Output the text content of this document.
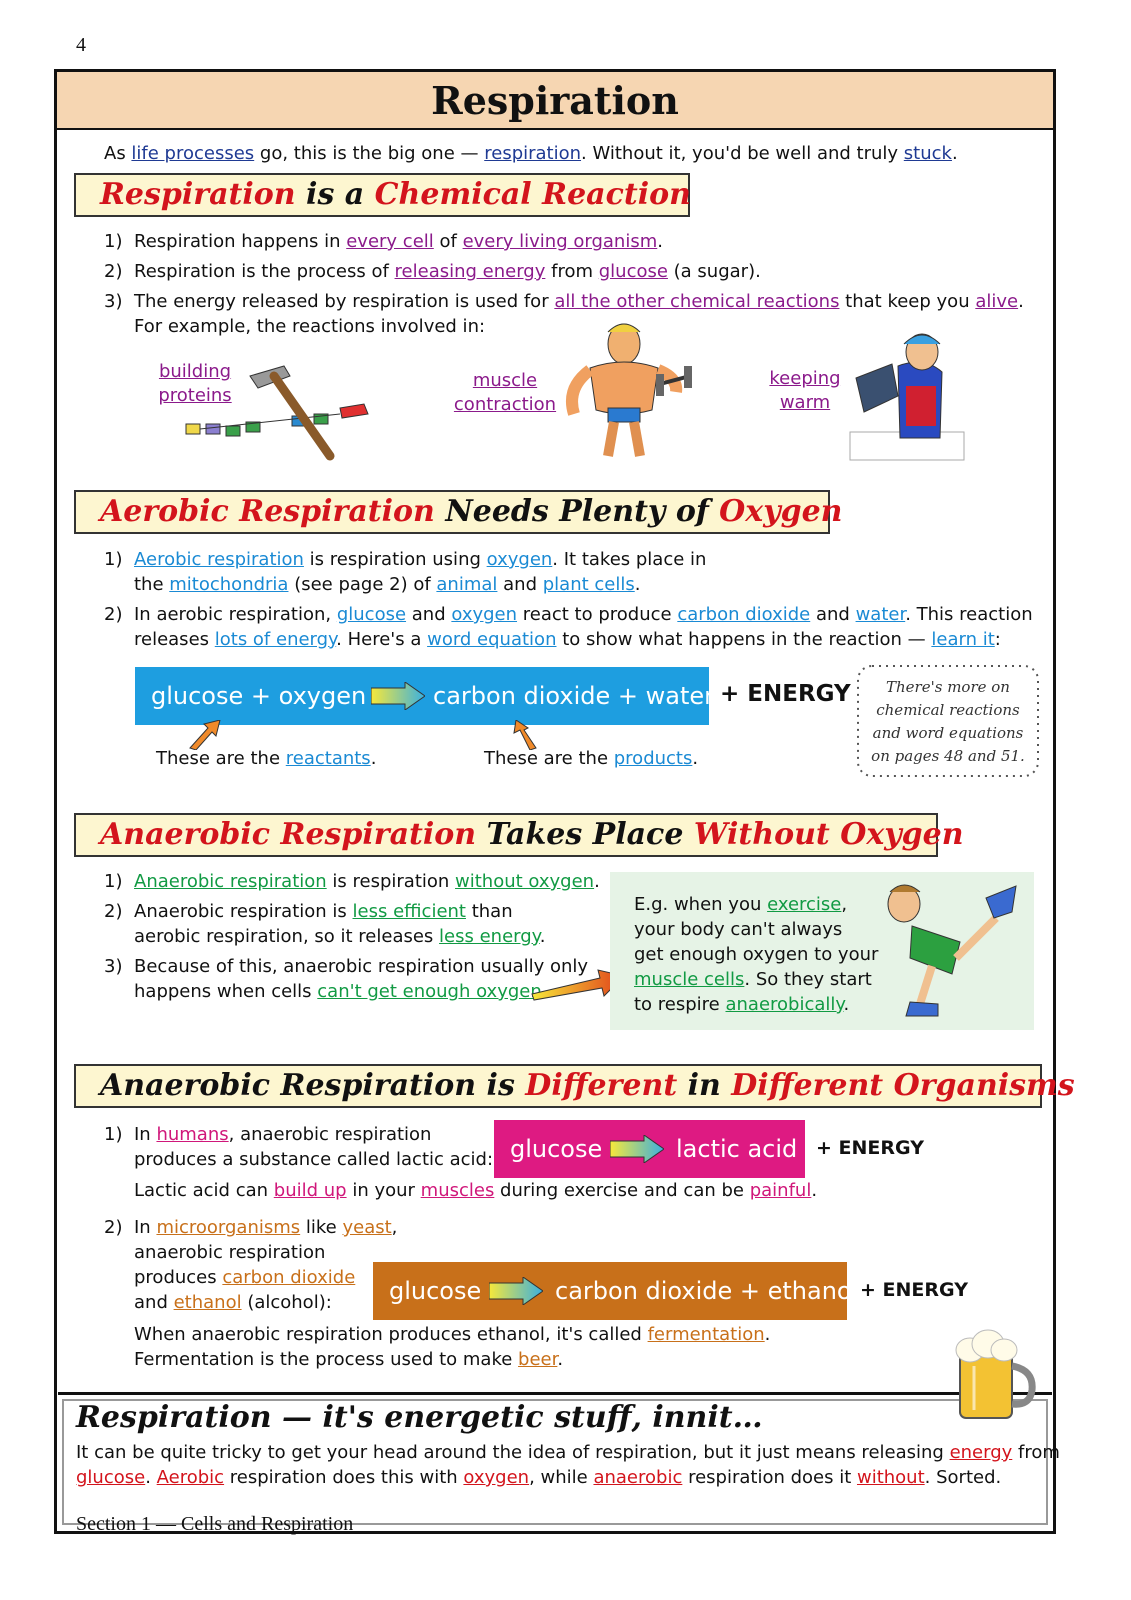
4
Respiration
As life processes go, this is the big one — respiration. Without it, you'd be well and truly stuck.
Respiration is a Chemical Reaction
1) Respiration happens in every cell of every living organism.
2) Respiration is the process of releasing energy from glucose (a sugar).
3) The energy released by respiration is used for all the other chemical reactions that keep you alive.
For example, the reactions involved in:
building
proteins
muscle
contraction
keeping
warm
Aerobic Respiration Needs Plenty of Oxygen
1) Aerobic respiration is respiration using oxygen. It takes place in
the mitochondria (see page 2) of animal and plant cells.
2) In aerobic respiration, glucose and oxygen react to produce carbon dioxide and water. This reaction
releases lots of energy. Here's a word equation to show what happens in the reaction — learn it:
glucose + oxygen	carbon dioxide + water + ENERGY
These are the reactants.	These are the products.
There's more on
chemical reactions
and word equations
on pages 48 and 51.
Anaerobic Respiration Takes Place Without Oxygen
1) Anaerobic respiration is respiration without oxygen.
2) Anaerobic respiration is less efficient than
aerobic respiration, so it releases less energy.
3) Because of this, anaerobic respiration usually only
happens when cells can't get enough oxygen
E.g. when you exercise,
your body can't always
get enough oxygen to your
muscle cells. So they start
to respire anaerobically.
Anaerobic Respiration is Different in Different Organisms
1) In humans, anaerobic respiration
produces a substance called lactic acid: glucose	lactic acid + ENERGY
Lactic acid can build up in your muscles during exercise and can be painful.
2) In microorganisms like yeast,
anaerobic respiration
produces carbon dioxide
and ethanol (alcohol): glucose	carbon dioxide + ethanol + ENERGY
When anaerobic respiration produces ethanol, it's called fermentation.
Fermentation is the process used to make beer.
Respiration — it's energetic stuff, innit…
It can be quite tricky to get your head around the idea of respiration, but it just means releasing energy from
glucose. Aerobic respiration does this with oxygen, while anaerobic respiration does it without. Sorted.
Section 1 — Cells and Respiration
